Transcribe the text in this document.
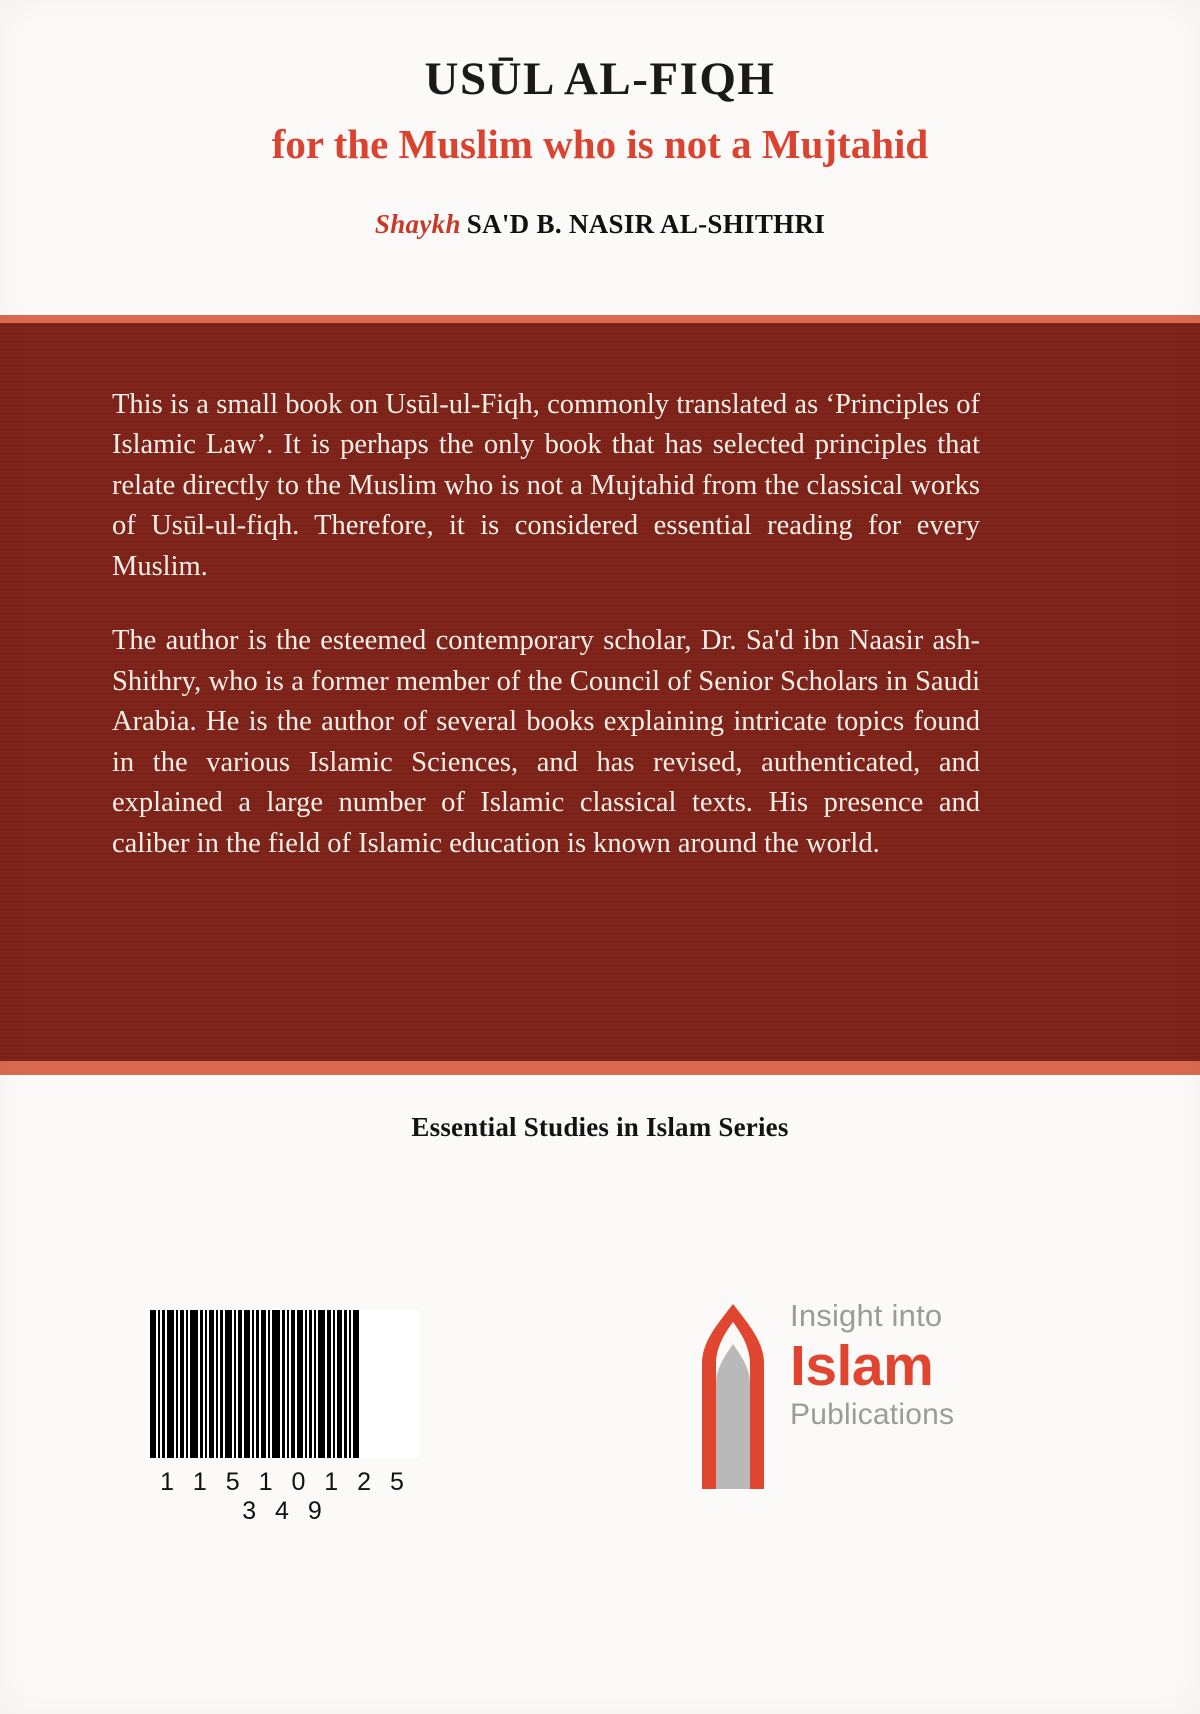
USŪL AL-FIQH
for the Muslim who is not a Mujtahid
Shaykh SA'D B. NASIR AL-SHITHRI

This is a small book on Usūl-ul-Fiqh, commonly translated as ‘Principles of Islamic Law’. It is perhaps the only book that has selected principles that relate directly to the Muslim who is not a Mujtahid from the classical works of Usūl-ul-fiqh. Therefore, it is considered essential reading for every Muslim.

The author is the esteemed contemporary scholar, Dr. Sa'd ibn Naasir ash-Shithry, who is a former member of the Council of Senior Scholars in Saudi Arabia. He is the author of several books explaining intricate topics found in the various Islamic Sciences, and has revised, authenticated, and explained a large number of Islamic classical texts. His presence and caliber in the field of Islamic education is known around the world.

Essential Studies in Islam Series
1 1 5 1 0 1 2 5 3 4 9
Insight into
Islam
Publications
